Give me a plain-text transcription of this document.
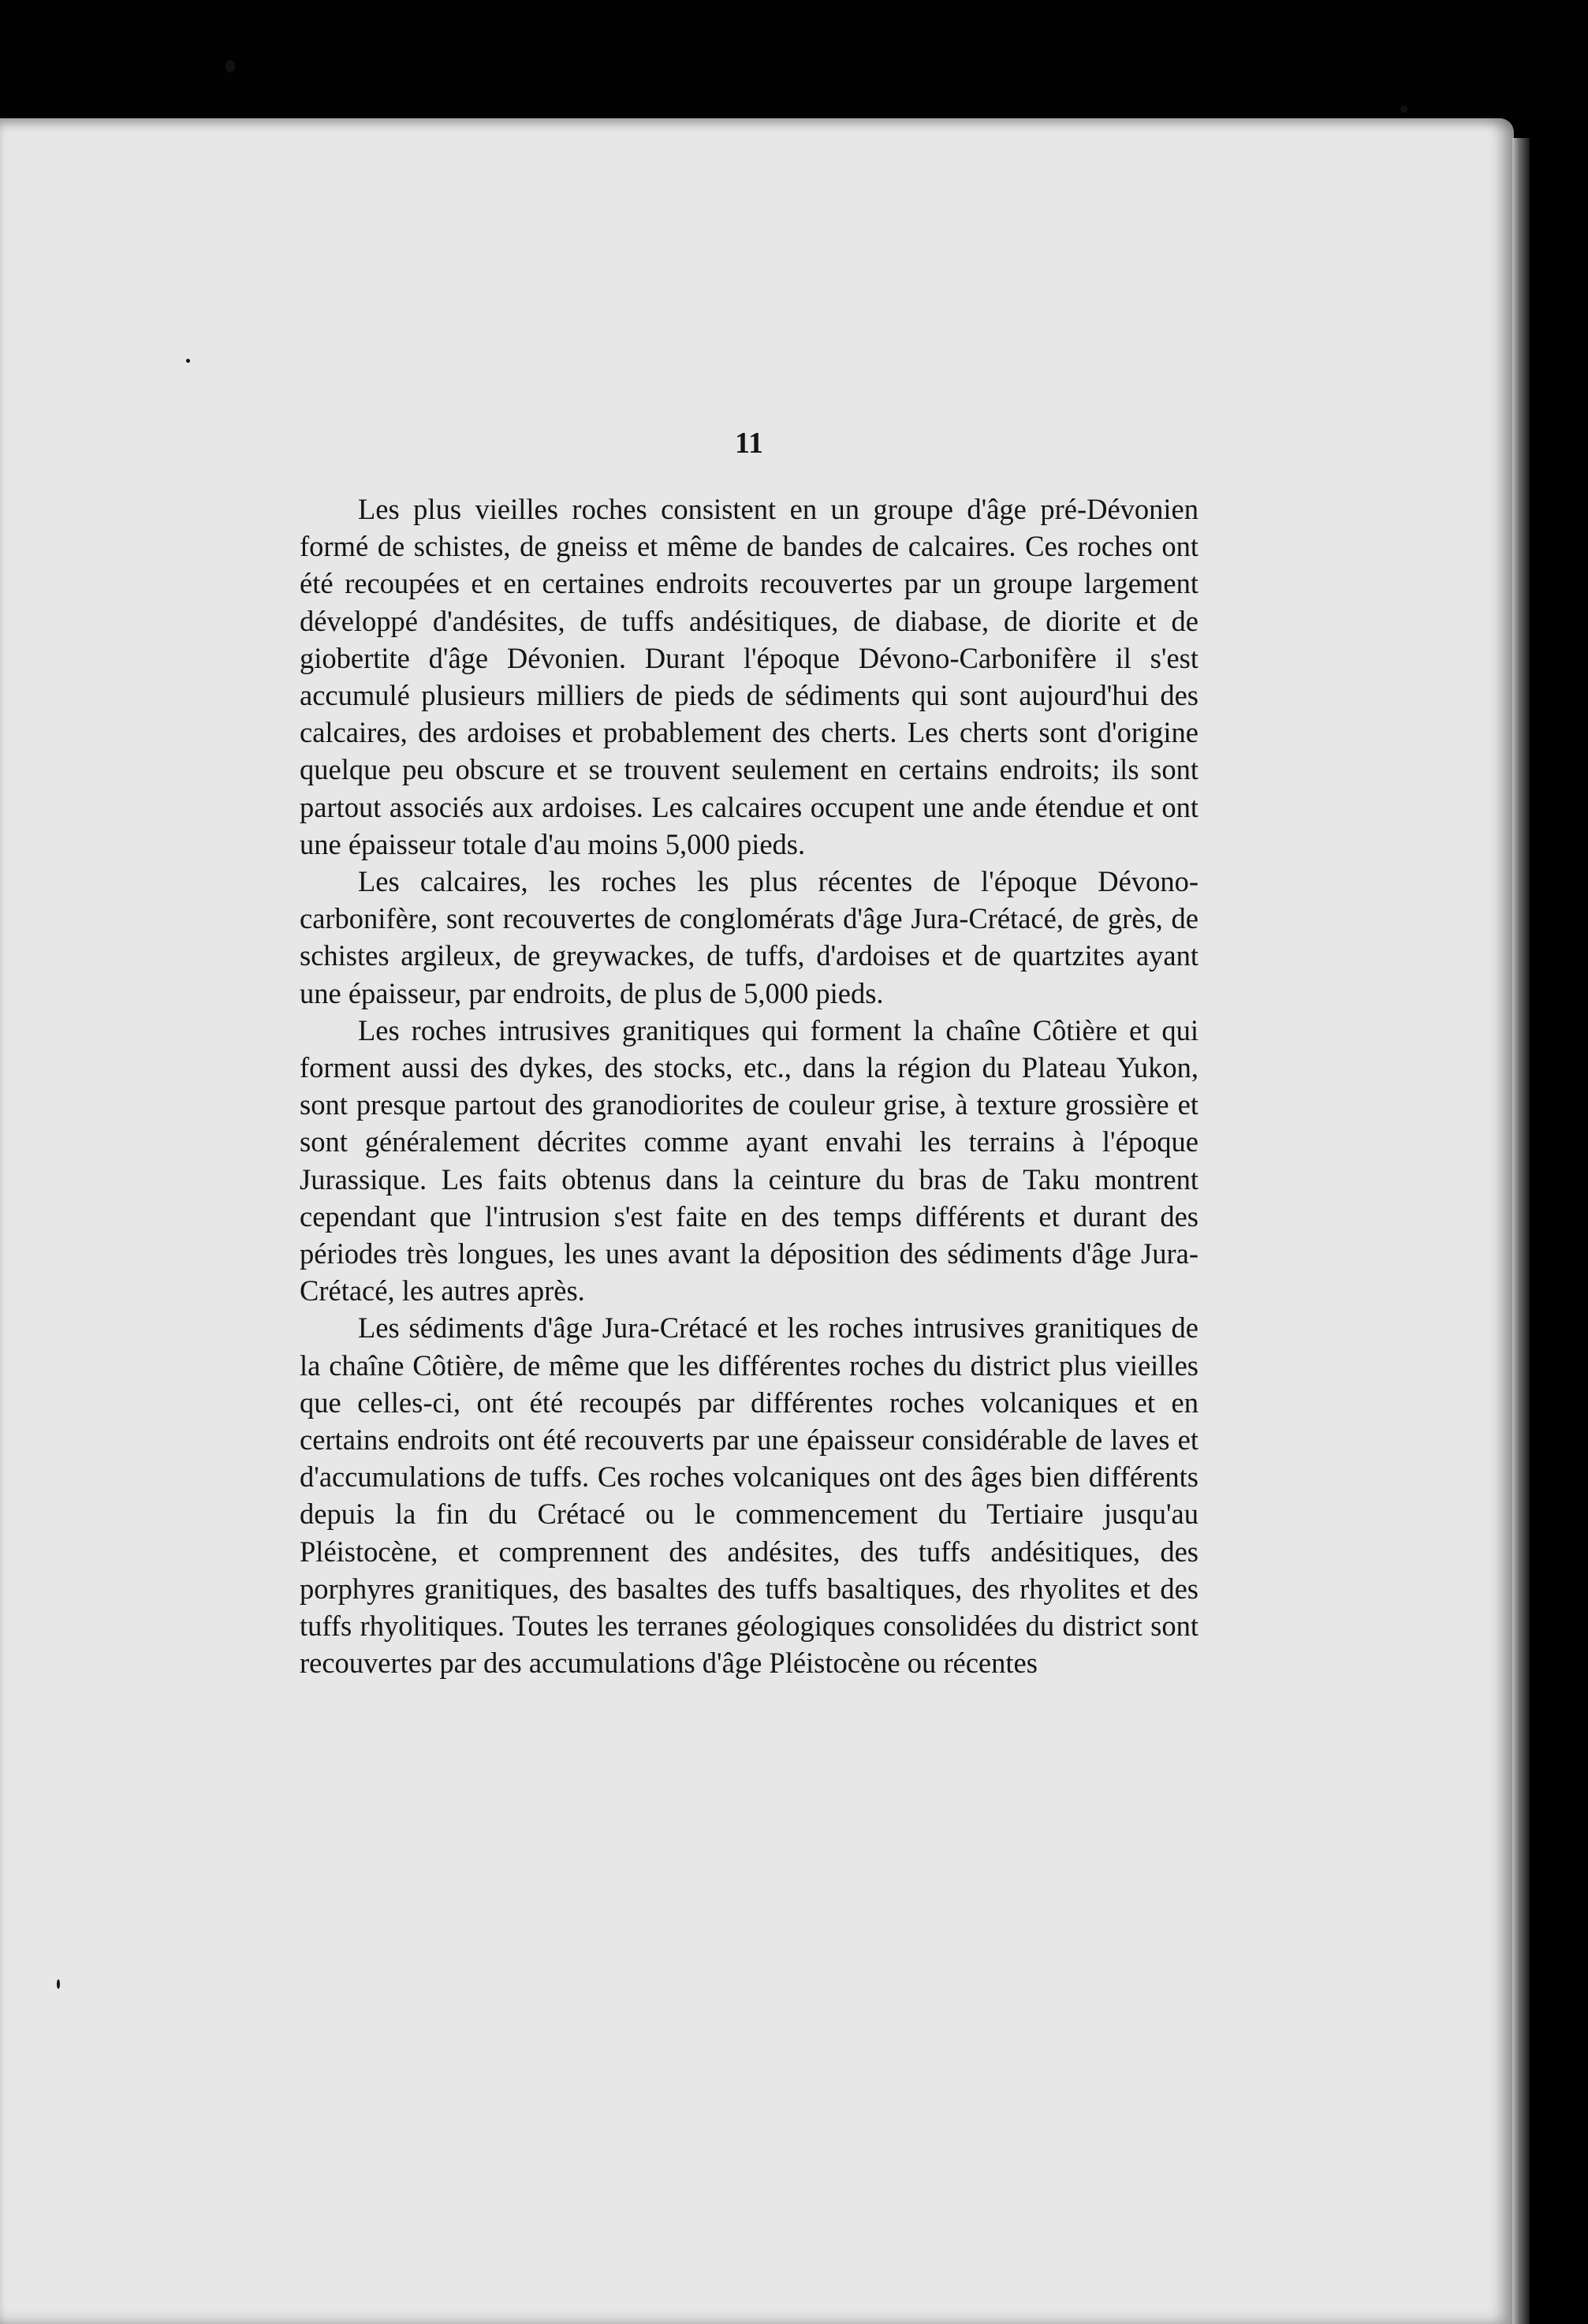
11

Les plus vieilles roches consistent en un groupe d'âge pré-Dévonien formé de schistes, de gneiss et même de bandes de calcaires. Ces roches ont été recoupées et en certaines endroits recouvertes par un groupe largement développé d'andésites, de tuffs andésitiques, de diabase, de diorite et de giobertite d'âge Dévonien. Durant l'époque Dévono-Carbonifère il s'est accumulé plusieurs milliers de pieds de sédiments qui sont aujourd'hui des calcaires, des ardoises et probablement des cherts. Les cherts sont d'origine quelque peu obscure et se trouvent seulement en certains endroits; ils sont partout associés aux ardoises. Les calcaires occupent une ande étendue et ont une épaisseur totale d'au moins 5,000 pieds.

Les calcaires, les roches les plus récentes de l'époque Dévono-carbonifère, sont recouvertes de conglomérats d'âge Jura-Crétacé, de grès, de schistes argileux, de greywackes, de tuffs, d'ardoises et de quartzites ayant une épaisseur, par endroits, de plus de 5,000 pieds.

Les roches intrusives granitiques qui forment la chaîne Côtière et qui forment aussi des dykes, des stocks, etc., dans la région du Plateau Yukon, sont presque partout des granodiorites de couleur grise, à texture grossière et sont généralement décrites comme ayant envahi les terrains à l'époque Jurassique. Les faits obtenus dans la ceinture du bras de Taku montrent cependant que l'intrusion s'est faite en des temps différents et durant des périodes très longues, les unes avant la déposition des sédiments d'âge Jura-Crétacé, les autres après.

Les sédiments d'âge Jura-Crétacé et les roches intrusives granitiques de la chaîne Côtière, de même que les différentes roches du district plus vieilles que celles-ci, ont été recoupés par différentes roches volcaniques et en certains endroits ont été recouverts par une épaisseur considérable de laves et d'accumulations de tuffs. Ces roches volcaniques ont des âges bien différents depuis la fin du Crétacé ou le commencement du Tertiaire jusqu'au Pléistocène, et comprennent des andésites, des tuffs andésitiques, des porphyres granitiques, des basaltes des tuffs basaltiques, des rhyolites et des tuffs rhyolitiques. Toutes les terranes géologiques consolidées du district sont recouvertes par des accumulations d'âge Pléistocène ou récentes
